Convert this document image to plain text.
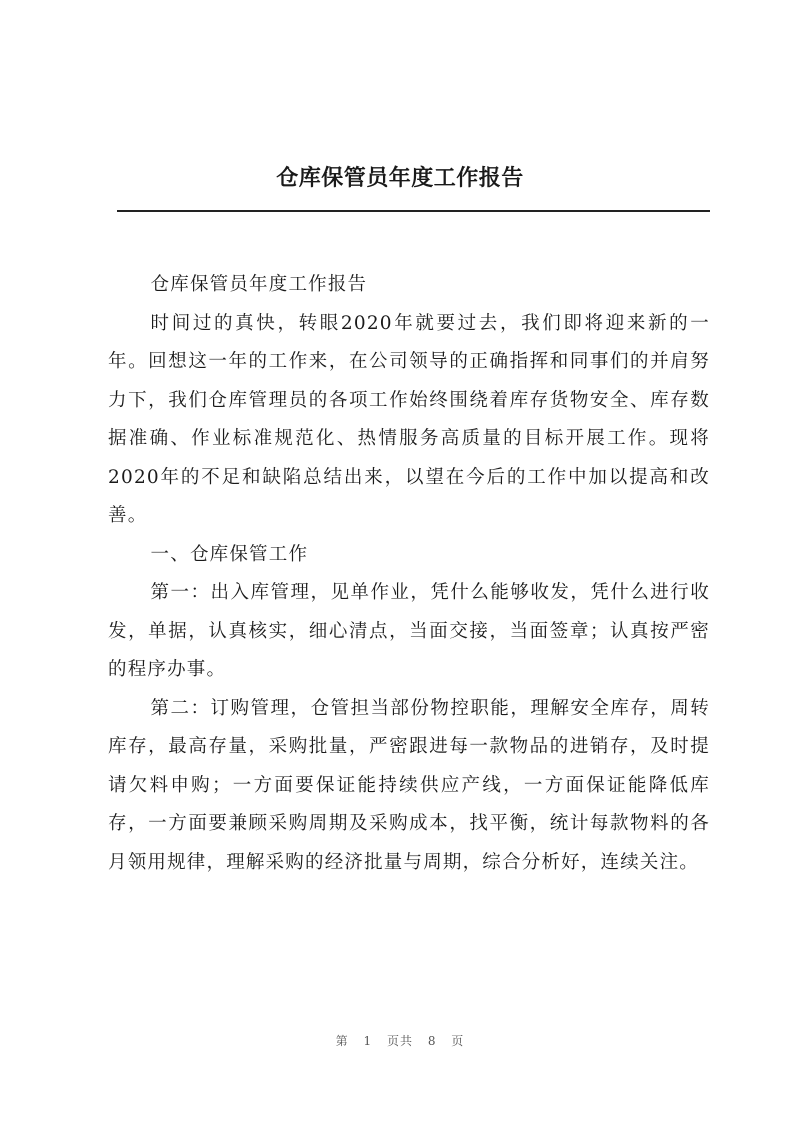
仓库保管员年度工作报告

仓库保管员年度工作报告

时间过的真快，转眼2020年就要过去，我们即将迎来新的一年。回想这一年的工作来，在公司领导的正确指挥和同事们的并肩努力下，我们仓库管理员的各项工作始终围绕着库存货物安全、库存数据准确、作业标准规范化、热情服务高质量的目标开展工作。现将2020年的不足和缺陷总结出来，以望在今后的工作中加以提高和改善。

一、仓库保管工作

第一：出入库管理，见单作业，凭什么能够收发，凭什么进行收发，单据，认真核实，细心清点，当面交接，当面签章；认真按严密的程序办事。

第二：订购管理，仓管担当部份物控职能，理解安全库存，周转库存，最高存量，采购批量，严密跟进每一款物品的进销存，及时提请欠料申购；一方面要保证能持续供应产线，一方面保证能降低库存，一方面要兼顾采购周期及采购成本，找平衡，统计每款物料的各月领用规律，理解采购的经济批量与周期，综合分析好，连续关注。

第 1 页共 8 页
